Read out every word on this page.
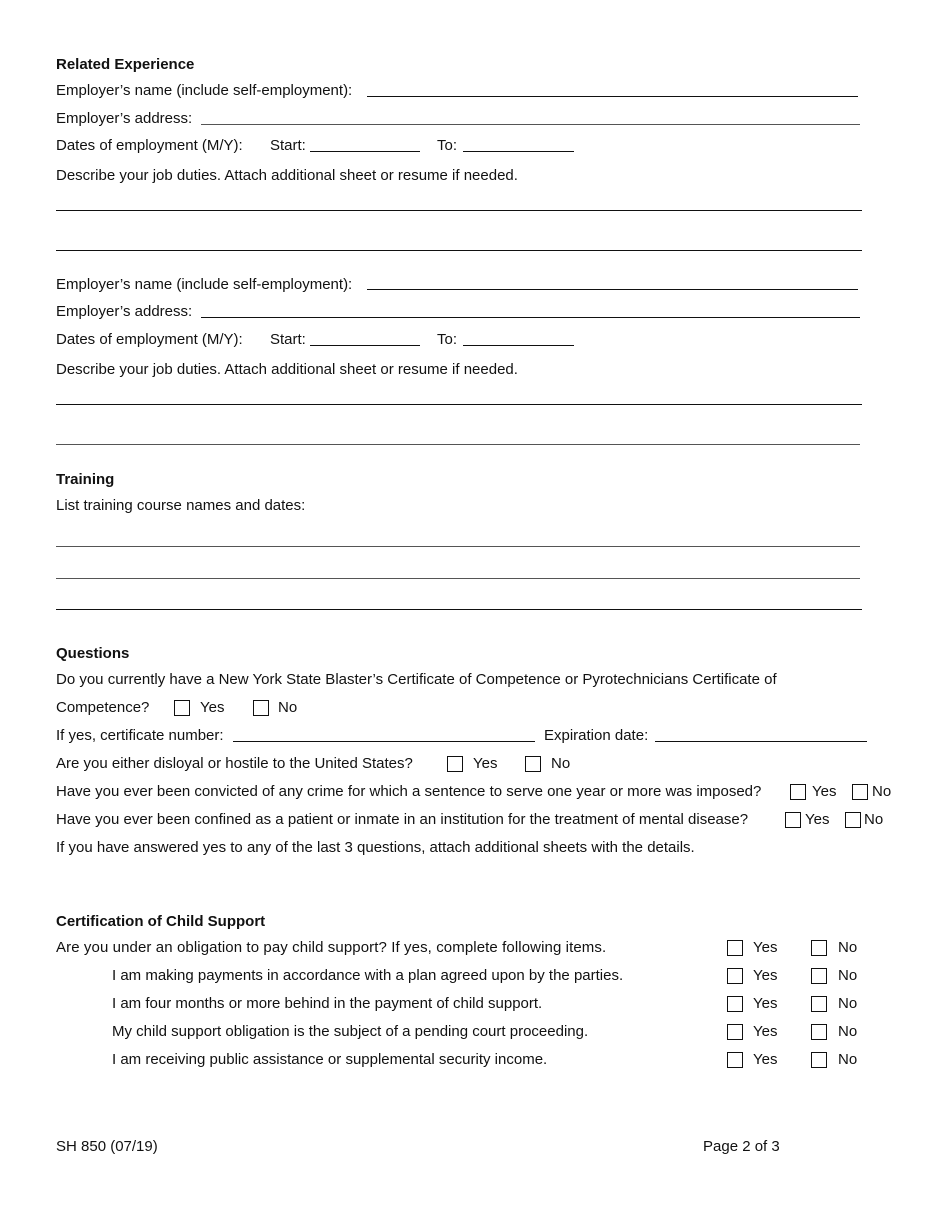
Related Experience
Employer’s name (include self-employment):
Employer’s address:
Dates of employment (M/Y): Start:	To:
Describe your job duties. Attach additional sheet or resume if needed.
Employer’s name (include self-employment):
Employer’s address:
Dates of employment (M/Y): Start:	To:
Describe your job duties. Attach additional sheet or resume if needed.
Training
List training course names and dates:
Questions
Do you currently have a New York State Blaster’s Certificate of Competence or Pyrotechnicians Certificate of
Competence?	Yes	No
If yes, certificate number:	Expiration date:
Are you either disloyal or hostile to the United States?	Yes	No
Have you ever been convicted of any crime for which a sentence to serve one year or more was imposed?	Yes No
Have you ever been confined as a patient or inmate in an institution for the treatment of mental disease?	Yes No
If you have answered yes to any of the last 3 questions, attach additional sheets with the details.
Certification of Child Support
Are you under an obligation to pay child support? If yes, complete following items.	Yes	No
I am making payments in accordance with a plan agreed upon by the parties.	Yes	No
I am four months or more behind in the payment of child support.	Yes	No
My child support obligation is the subject of a pending court proceeding.	Yes	No
I am receiving public assistance or supplemental security income.	Yes	No
SH 850 (07/19)	Page 2 of 3
